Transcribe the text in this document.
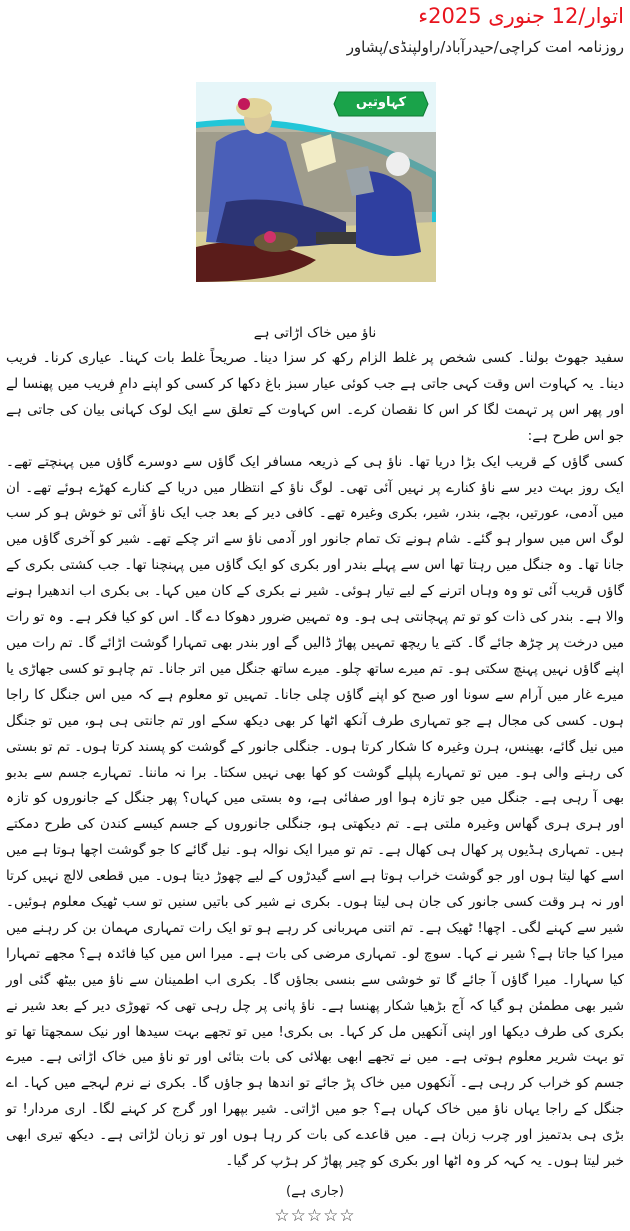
اتوار/12 جنوری 2025ء
روزنامہ امت کراچی/حیدرآباد/راولپنڈی/پشاور
کہاوتیں
ناؤ میں خاک اڑاتی ہے

سفید جھوٹ بولنا۔ کسی شخص پر غلط الزام رکھ کر سزا دینا۔ صریحاً غلط بات کہنا۔ عیاری کرنا۔ فریب دینا۔ یہ کہاوت اس وقت کہی جاتی ہے جب کوئی عیار سبز باغ دکھا کر کسی کو اپنے دامِ فریب میں پھنسا لے اور پھر اس پر تہمت لگا کر اس کا نقصان کرے۔ اس کہاوت کے تعلق سے ایک لوک کہانی بیان کی جاتی ہے جو اس طرح ہے:

کسی گاؤں کے قریب ایک بڑا دریا تھا۔ ناؤ ہی کے ذریعہ مسافر ایک گاؤں سے دوسرے گاؤں میں پہنچتے تھے۔ ایک روز بہت دیر سے ناؤ کنارے پر نہیں آئی تھی۔ لوگ ناؤ کے انتظار میں دریا کے کنارے کھڑے ہوئے تھے۔ ان میں آدمی، عورتیں، بچے، بندر، شیر، بکری وغیرہ تھے۔ کافی دیر کے بعد جب ایک ناؤ آئی تو خوش ہو کر سب لوگ اس میں سوار ہو گئے۔ شام ہونے تک تمام جانور اور آدمی ناؤ سے اتر چکے تھے۔ شیر کو آخری گاؤں میں جانا تھا۔ وہ جنگل میں رہتا تھا اس سے پہلے بندر اور بکری کو ایک گاؤں میں پہنچنا تھا۔ جب کشتی بکری کے گاؤں قریب آئی تو وہ وہاں اترنے کے لیے تیار ہوئی۔ شیر نے بکری کے کان میں کہا۔ بی بکری اب اندھیرا ہونے والا ہے۔ بندر کی ذات کو تو تم پہچانتی ہی ہو۔ وہ تمہیں ضرور دھوکا دے گا۔ اس کو کیا فکر ہے۔ وہ تو رات میں درخت پر چڑھ جائے گا۔ کتے یا ریچھ تمہیں پھاڑ ڈالیں گے اور بندر بھی تمہارا گوشت اڑائے گا۔ تم رات میں اپنے گاؤں نہیں پہنچ سکتی ہو۔ تم میرے ساتھ چلو۔ میرے ساتھ جنگل میں اتر جانا۔ تم چاہو تو کسی جھاڑی یا میرے غار میں آرام سے سونا اور صبح کو اپنے گاؤں چلی جانا۔ تمہیں تو معلوم ہے کہ میں اس جنگل کا راجا ہوں۔ کسی کی مجال ہے جو تمہاری طرف آنکھ اٹھا کر بھی دیکھ سکے اور تم جانتی ہی ہو، میں تو جنگل میں نیل گائے، بھینس، ہرن وغیرہ کا شکار کرتا ہوں۔ جنگلی جانور کے گوشت کو پسند کرتا ہوں۔ تم تو بستی کی رہنے والی ہو۔ میں تو تمہارے پلپلے گوشت کو کھا بھی نہیں سکتا۔ برا نہ ماننا۔ تمہارے جسم سے بدبو بھی آ رہی ہے۔ جنگل میں جو تازہ ہوا اور صفائی ہے، وہ بستی میں کہاں؟ پھر جنگل کے جانوروں کو تازہ اور ہری ہری گھاس وغیرہ ملتی ہے۔ تم دیکھتی ہو، جنگلی جانوروں کے جسم کیسے کندن کی طرح دمکتے ہیں۔ تمہاری ہڈیوں پر کھال ہی کھال ہے۔ تم تو میرا ایک نوالہ ہو۔ نیل گائے کا جو گوشت اچھا ہوتا ہے میں اسے کھا لیتا ہوں اور جو گوشت خراب ہوتا ہے اسے گیدڑوں کے لیے چھوڑ دیتا ہوں۔ میں قطعی لالچ نہیں کرتا اور نہ ہر وقت کسی جانور کی جان ہی لیتا ہوں۔ بکری نے شیر کی باتیں سنیں تو سب ٹھیک معلوم ہوئیں۔ شیر سے کہنے لگی۔ اچھا! ٹھیک ہے۔ تم اتنی مہربانی کر رہے ہو تو ایک رات تمہاری مہمان بن کر رہنے میں میرا کیا جاتا ہے؟ شیر نے کہا۔ سوچ لو۔ تمہاری مرضی کی بات ہے۔ میرا اس میں کیا فائدہ ہے؟ مجھے تمہارا کیا سہارا۔ میرا گاؤں آ جائے گا تو خوشی سے بنسی بجاؤں گا۔ بکری اب اطمینان سے ناؤ میں بیٹھ گئی اور شیر بھی مطمئن ہو گیا کہ آج بڑھیا شکار پھنسا ہے۔ ناؤ پانی پر چل رہی تھی کہ تھوڑی دیر کے بعد شیر نے بکری کی طرف دیکھا اور اپنی آنکھیں مل کر کہا۔ بی بکری! میں تو تجھے بہت سیدھا اور نیک سمجھتا تھا تو تو بہت شریر معلوم ہوتی ہے۔ میں نے تجھے ابھی بھلائی کی بات بتائی اور تو ناؤ میں خاک اڑاتی ہے۔ میرے جسم کو خراب کر رہی ہے۔ آنکھوں میں خاک پڑ جائے تو اندھا ہو جاؤں گا۔ بکری نے نرم لہجے میں کہا۔ اے جنگل کے راجا یہاں ناؤ میں خاک کہاں ہے؟ جو میں اڑاتی۔ شیر بپھرا اور گرج کر کہنے لگا۔ اری مردار! تو بڑی ہی بدتمیز اور چرب زبان ہے۔ میں قاعدے کی بات کر رہا ہوں اور تو زبان لڑاتی ہے۔ دیکھ تیری ابھی خبر لیتا ہوں۔ یہ کہہ کر وہ اٹھا اور بکری کو چیر پھاڑ کر ہڑپ کر گیا۔

(جاری ہے)
☆☆☆☆☆
